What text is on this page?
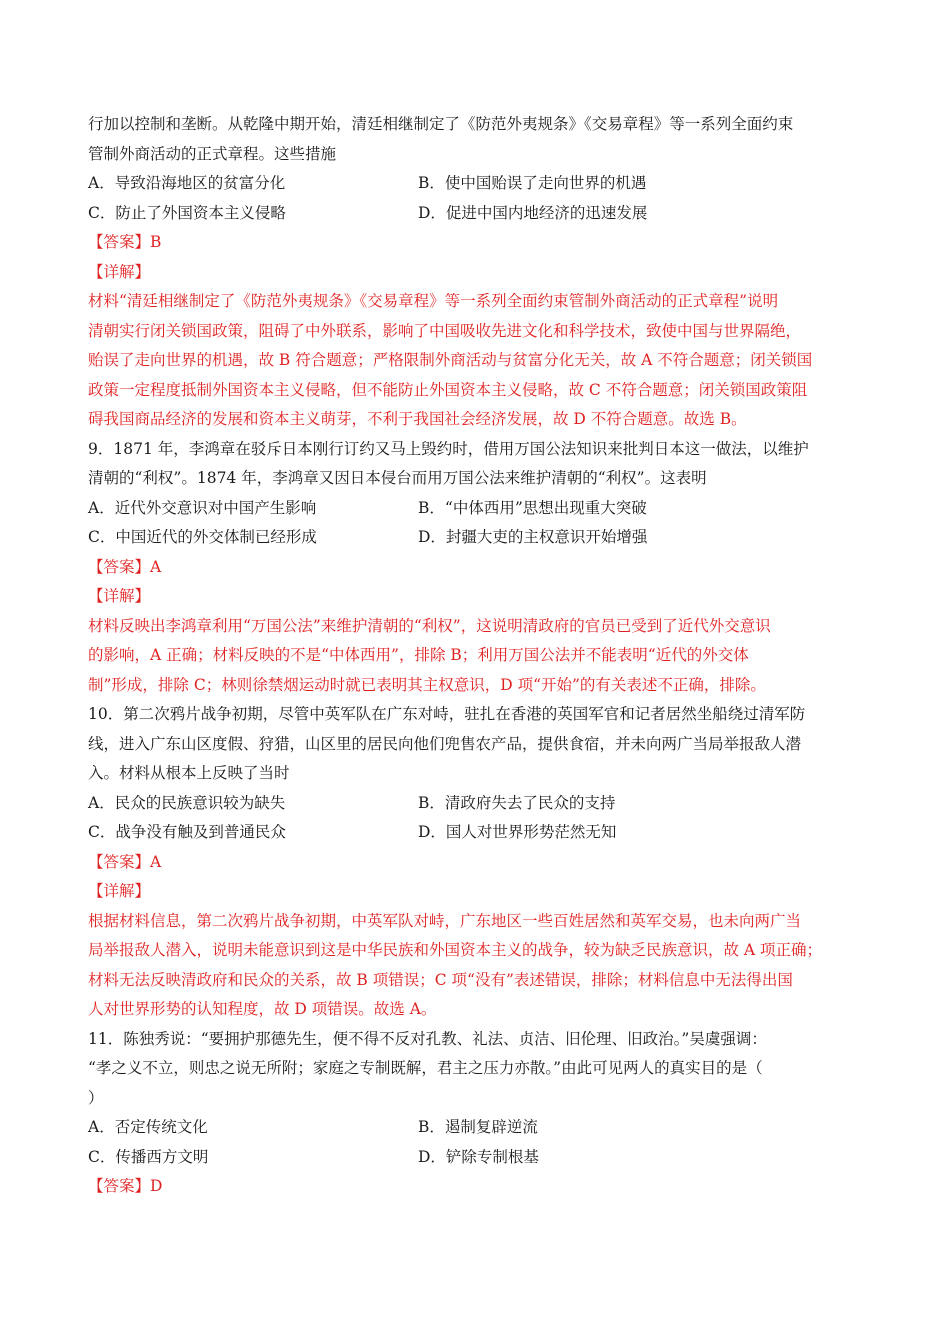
行加以控制和垄断。从乾隆中期开始，清廷相继制定了《防范外夷规条》《交易章程》等一系列全面约束
管制外商活动的正式章程。这些措施
A．导致沿海地区的贫富分化	B．使中国贻误了走向世界的机遇
C．防止了外国资本主义侵略	D．促进中国内地经济的迅速发展
【答案】B
【详解】
材料“清廷相继制定了《防范外夷规条》《交易章程》等一系列全面约束管制外商活动的正式章程”说明
清朝实行闭关锁国政策，阻碍了中外联系，影响了中国吸收先进文化和科学技术，致使中国与世界隔绝，
贻误了走向世界的机遇，故 B 符合题意；严格限制外商活动与贫富分化无关，故 A 不符合题意；闭关锁国
政策一定程度抵制外国资本主义侵略，但不能防止外国资本主义侵略，故 C 不符合题意；闭关锁国政策阻
碍我国商品经济的发展和资本主义萌芽，不利于我国社会经济发展，故 D 不符合题意。故选 B。
9．1871 年，李鸿章在驳斥日本刚行订约又马上毁约时，借用万国公法知识来批判日本这一做法，以维护
清朝的“利权”。1874 年，李鸿章又因日本侵台而用万国公法来维护清朝的“利权”。这表明
A．近代外交意识对中国产生影响	B．“中体西用”思想出现重大突破
C．中国近代的外交体制已经形成	D．封疆大吏的主权意识开始增强
【答案】A
【详解】
材料反映出李鸿章利用“万国公法”来维护清朝的“利权”，这说明清政府的官员已受到了近代外交意识
的影响，A 正确；材料反映的不是“中体西用”，排除 B；利用万国公法并不能表明“近代的外交体
制”形成，排除 C；林则徐禁烟运动时就已表明其主权意识，D 项“开始”的有关表述不正确，排除。
10．第二次鸦片战争初期，尽管中英军队在广东对峙，驻扎在香港的英国军官和记者居然坐船绕过清军防
线，进入广东山区度假、狩猎，山区里的居民向他们兜售农产品，提供食宿，并未向两广当局举报敌人潜
入。材料从根本上反映了当时
A．民众的民族意识较为缺失	B．清政府失去了民众的支持
C．战争没有触及到普通民众	D．国人对世界形势茫然无知
【答案】A
【详解】
根据材料信息，第二次鸦片战争初期，中英军队对峙，广东地区一些百姓居然和英军交易，也未向两广当
局举报敌人潜入，说明未能意识到这是中华民族和外国资本主义的战争，较为缺乏民族意识，故 A 项正确；
材料无法反映清政府和民众的关系，故 B 项错误；C 项“没有”表述错误，排除；材料信息中无法得出国
人对世界形势的认知程度，故 D 项错误。故选 A。
11．陈独秀说：“要拥护那德先生，便不得不反对孔教、礼法、贞洁、旧伦理、旧政治。”吴虞强调：
“孝之义不立，则忠之说无所附；家庭之专制既解，君主之压力亦散。”由此可见两人的真实目的是（
）
A．否定传统文化	B．遏制复辟逆流
C．传播西方文明	D．铲除专制根基
【答案】D
